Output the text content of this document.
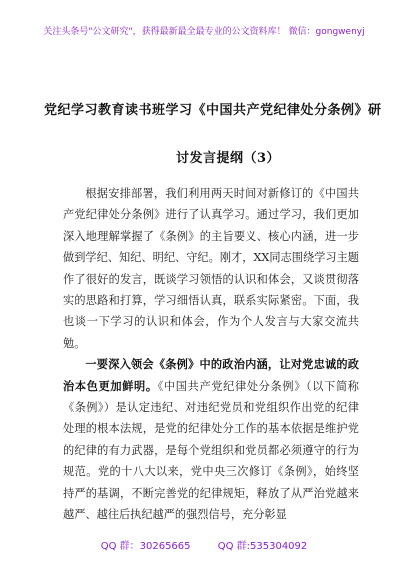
关注头条号"公文研究"，获得最新最全最专业的公文资料库！ 微信：gongwenyj
党纪学习教育读书班学习《中国共产党纪律处分条例》研
讨发言提纲（3）

根据安排部署，我们利用两天时间对新修订的《中国共产党纪律处分条例》进行了认真学习。通过学习，我们更加深入地理解掌握了《条例》的主旨要义、核心内涵，进一步做到学纪、知纪、明纪、守纪。刚才，XX同志围绕学习主题作了很好的发言，既谈学习领悟的认识和体会，又谈贯彻落实的思路和打算，学习细悟认真，联系实际紧密。下面，我也谈一下学习的认识和体会，作为个人发言与大家交流共勉。

一要深入领会《条例》中的政治内涵，让对党忠诚的政治本色更加鲜明。《中国共产党纪律处分条例》（以下简称《条例》）是认定违纪、对违纪党员和党组织作出党的纪律处理的根本法规，是党的纪律处分工作的基本依据是维护党的纪律的有力武器，是每个党组织和党员都必须遵守的行为规范。党的十八大以来，党中央三次修订《条例》，始终坚持严的基调，不断完善党的纪律规矩，释放了从严治党越来越严、越往后执纪越严的强烈信号，充分彰显

QQ 群：30265665	QQ 群:535304092
